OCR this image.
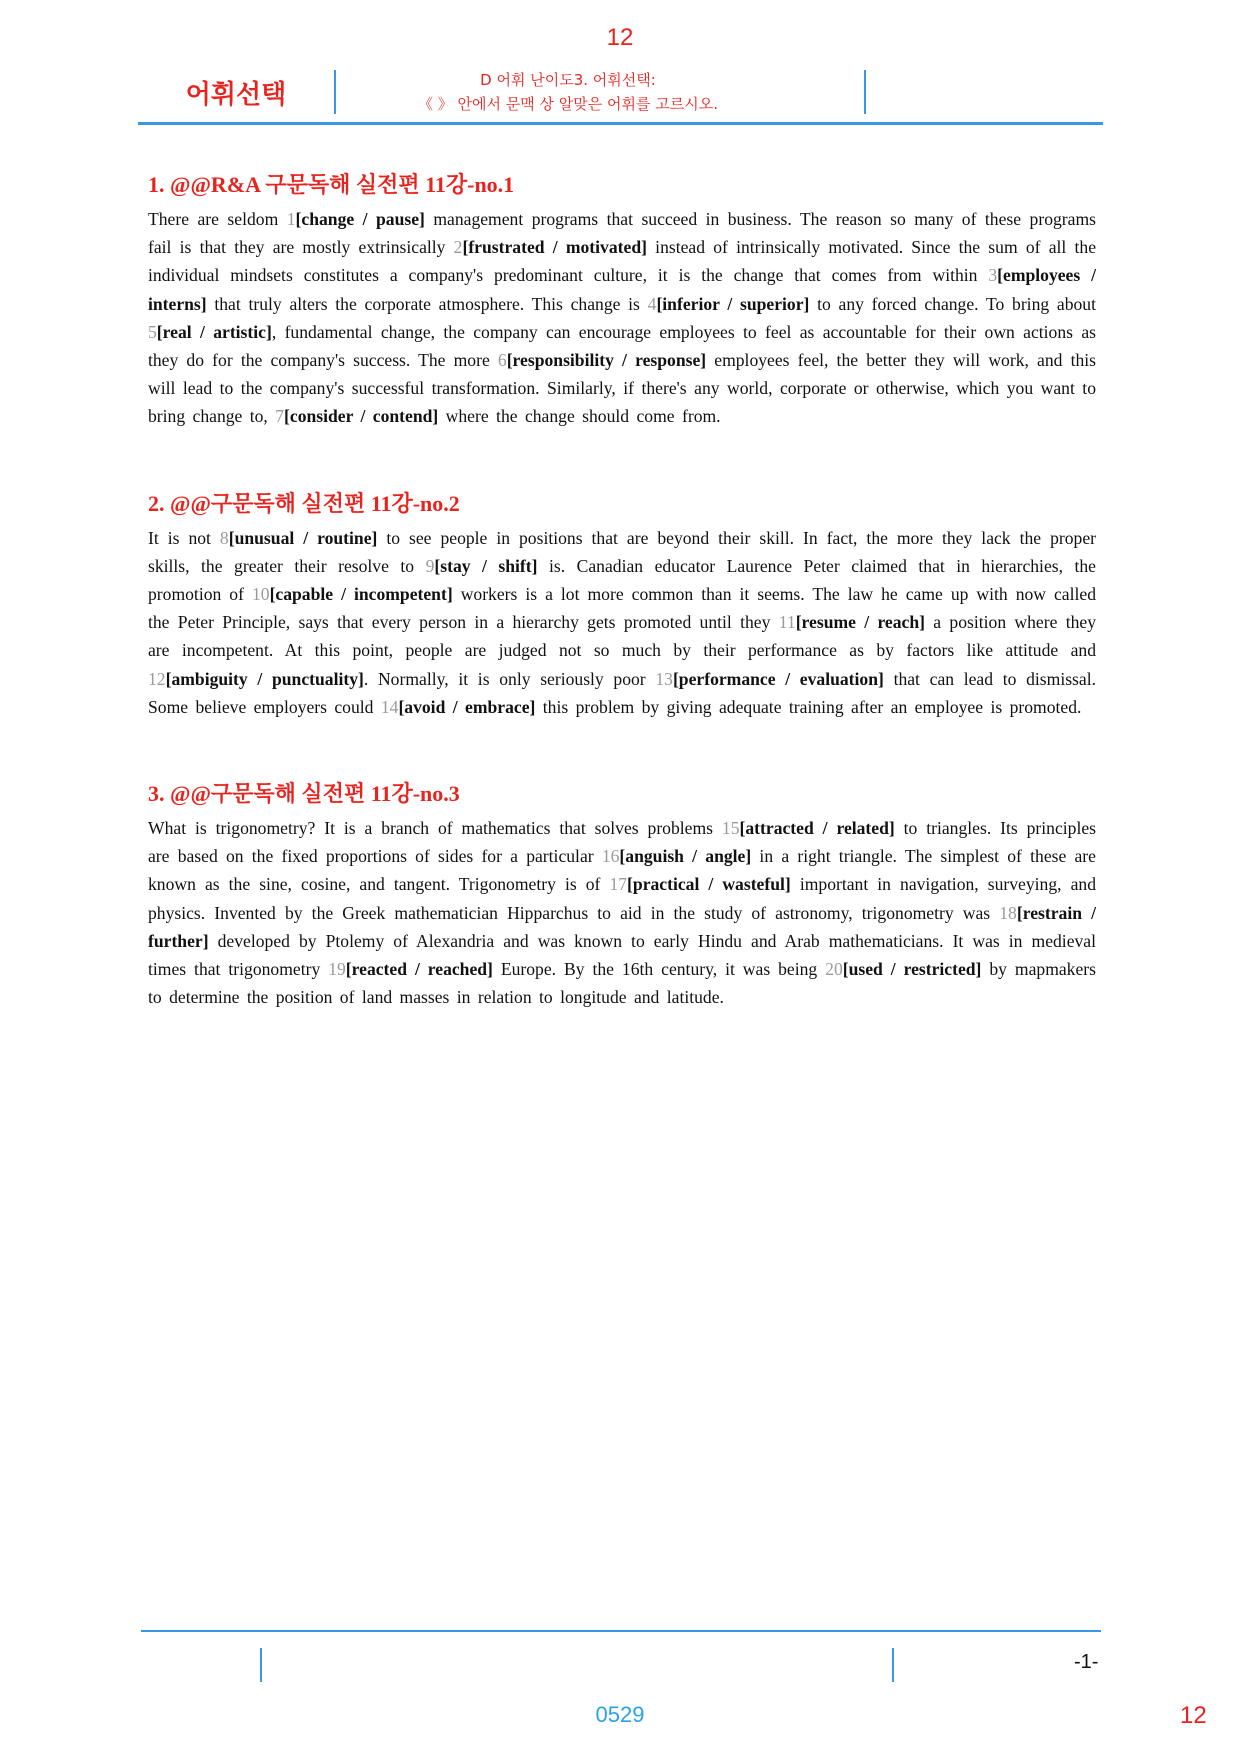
12
어휘선택	D 어휘 난이도3. 어휘선택:
《 》 안에서 문맥 상 알맞은 어휘를 고르시오.
1. @@R&A 구문독해 실전편 11강-no.1

There are seldom 1[change / pause] management programs that succeed in business. The reason so many of these programs fail is that they are mostly extrinsically 2[frustrated / motivated] instead of intrinsically motivated. Since the sum of all the individual mindsets constitutes a company's predominant culture, it is the change that comes from within 3[employees / interns] that truly alters the corporate atmosphere. This change is 4[inferior / superior] to any forced change. To bring about 5[real / artistic], fundamental change, the company can encourage employees to feel as accountable for their own actions as they do for the company's success. The more 6[responsibility / response] employees feel, the better they will work, and this will lead to the company's successful transformation. Similarly, if there's any world, corporate or otherwise, which you want to bring change to, 7[consider / contend] where the change should come from.

2. @@구문독해 실전편 11강-no.2

It is not 8[unusual / routine] to see people in positions that are beyond their skill. In fact, the more they lack the proper skills, the greater their resolve to 9[stay / shift] is. Canadian educator Laurence Peter claimed that in hierarchies, the promotion of 10[capable / incompetent] workers is a lot more common than it seems. The law he came up with now called the Peter Principle, says that every person in a hierarchy gets promoted until they 11[resume / reach] a position where they are incompetent. At this point, people are judged not so much by their performance as by factors like attitude and 12[ambiguity / punctuality]. Normally, it is only seriously poor 13[performance / evaluation] that can lead to dismissal. Some believe employers could 14[avoid / embrace] this problem by giving adequate training after an employee is promoted.

3. @@구문독해 실전편 11강-no.3

What is trigonometry? It is a branch of mathematics that solves problems 15[attracted / related] to triangles. Its principles are based on the fixed proportions of sides for a particular 16[anguish / angle] in a right triangle. The simplest of these are known as the sine, cosine, and tangent. Trigonometry is of 17[practical / wasteful] important in navigation, surveying, and physics. Invented by the Greek mathematician Hipparchus to aid in the study of astronomy, trigonometry was 18[restrain / further] developed by Ptolemy of Alexandria and was known to early Hindu and Arab mathematicians. It was in medieval times that trigonometry 19[reacted / reached] Europe. By the 16th century, it was being 20[used / restricted] by mapmakers to determine the position of land masses in relation to longitude and latitude.

-1-
0529	12
